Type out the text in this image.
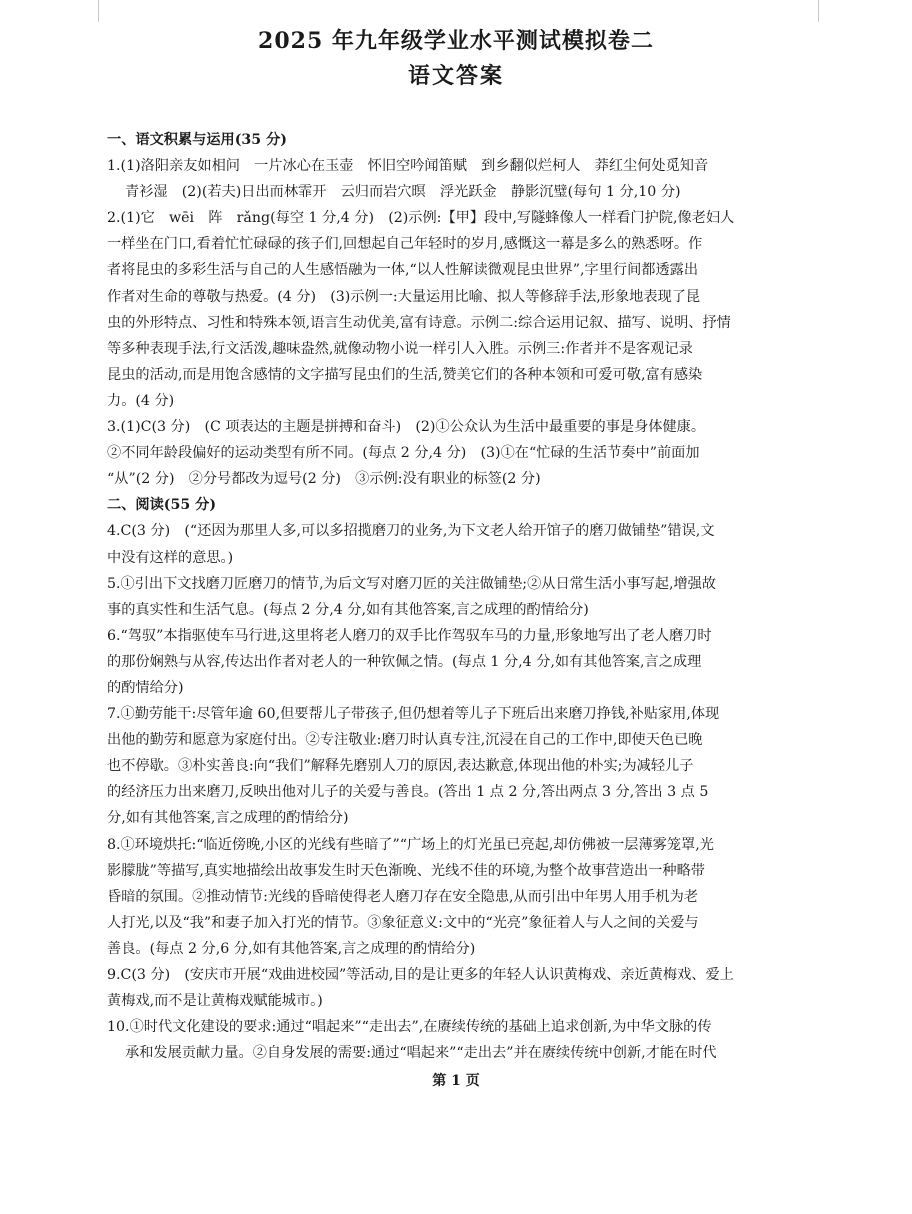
2025 年九年级学业水平测试模拟卷二
语文答案
一、语文积累与运用(35 分)
1.(1)洛阳亲友如相问　一片冰心在玉壶　怀旧空吟闻笛赋　到乡翻似烂柯人　莽红尘何处觅知音
青衫湿　(2)(若夫)日出而林霏开　云归而岩穴暝　浮光跃金　静影沉璧(每句 1 分,10 分)
2.(1)它　wēi　阵　rǎng(每空 1 分,4 分)　(2)示例:【甲】段中,写隧蜂像人一样看门护院,像老妇人
一样坐在门口,看着忙忙碌碌的孩子们,回想起自己年轻时的岁月,感慨这一幕是多么的熟悉呀。作
者将昆虫的多彩生活与自己的人生感悟融为一体,“以人性解读微观昆虫世界”,字里行间都透露出
作者对生命的尊敬与热爱。(4 分)　(3)示例一:大量运用比喻、拟人等修辞手法,形象地表现了昆
虫的外形特点、习性和特殊本领,语言生动优美,富有诗意。示例二:综合运用记叙、描写、说明、抒情
等多种表现手法,行文活泼,趣味盎然,就像动物小说一样引人入胜。示例三:作者并不是客观记录
昆虫的活动,而是用饱含感情的文字描写昆虫们的生活,赞美它们的各种本领和可爱可敬,富有感染
力。(4 分)
3.(1)C(3 分)　(C 项表达的主题是拼搏和奋斗)　(2)①公众认为生活中最重要的事是身体健康。
②不同年龄段偏好的运动类型有所不同。(每点 2 分,4 分)　(3)①在“忙碌的生活节奏中”前面加
“从”(2 分)　②分号都改为逗号(2 分)　③示例:没有职业的标签(2 分)
二、阅读(55 分)
4.C(3 分)　(“还因为那里人多,可以多招揽磨刀的业务,为下文老人给开馆子的磨刀做铺垫”错误,文
中没有这样的意思。)
5.①引出下文找磨刀匠磨刀的情节,为后文写对磨刀匠的关注做铺垫;②从日常生活小事写起,增强故
事的真实性和生活气息。(每点 2 分,4 分,如有其他答案,言之成理的酌情给分)
6.“驾驭”本指驱使车马行进,这里将老人磨刀的双手比作驾驭车马的力量,形象地写出了老人磨刀时
的那份娴熟与从容,传达出作者对老人的一种钦佩之情。(每点 1 分,4 分,如有其他答案,言之成理
的酌情给分)
7.①勤劳能干:尽管年逾 60,但要帮儿子带孩子,但仍想着等儿子下班后出来磨刀挣钱,补贴家用,体现
出他的勤劳和愿意为家庭付出。②专注敬业:磨刀时认真专注,沉浸在自己的工作中,即使天色已晚
也不停歇。③朴实善良:向“我们”解释先磨别人刀的原因,表达歉意,体现出他的朴实;为减轻儿子
的经济压力出来磨刀,反映出他对儿子的关爱与善良。(答出 1 点 2 分,答出两点 3 分,答出 3 点 5
分,如有其他答案,言之成理的酌情给分)
8.①环境烘托:“临近傍晚,小区的光线有些暗了”“广场上的灯光虽已亮起,却仿佛被一层薄雾笼罩,光
影朦胧”等描写,真实地描绘出故事发生时天色渐晚、光线不佳的环境,为整个故事营造出一种略带
昏暗的氛围。②推动情节:光线的昏暗使得老人磨刀存在安全隐患,从而引出中年男人用手机为老
人打光,以及“我”和妻子加入打光的情节。③象征意义:文中的“光亮”象征着人与人之间的关爱与
善良。(每点 2 分,6 分,如有其他答案,言之成理的酌情给分)
9.C(3 分)　(安庆市开展“戏曲进校园”等活动,目的是让更多的年轻人认识黄梅戏、亲近黄梅戏、爱上
黄梅戏,而不是让黄梅戏赋能城市。)
10.①时代文化建设的要求:通过“唱起来”“走出去”,在赓续传统的基础上追求创新,为中华文脉的传
承和发展贡献力量。②自身发展的需要:通过“唱起来”“走出去”并在赓续传统中创新,才能在时代
第 1 页
